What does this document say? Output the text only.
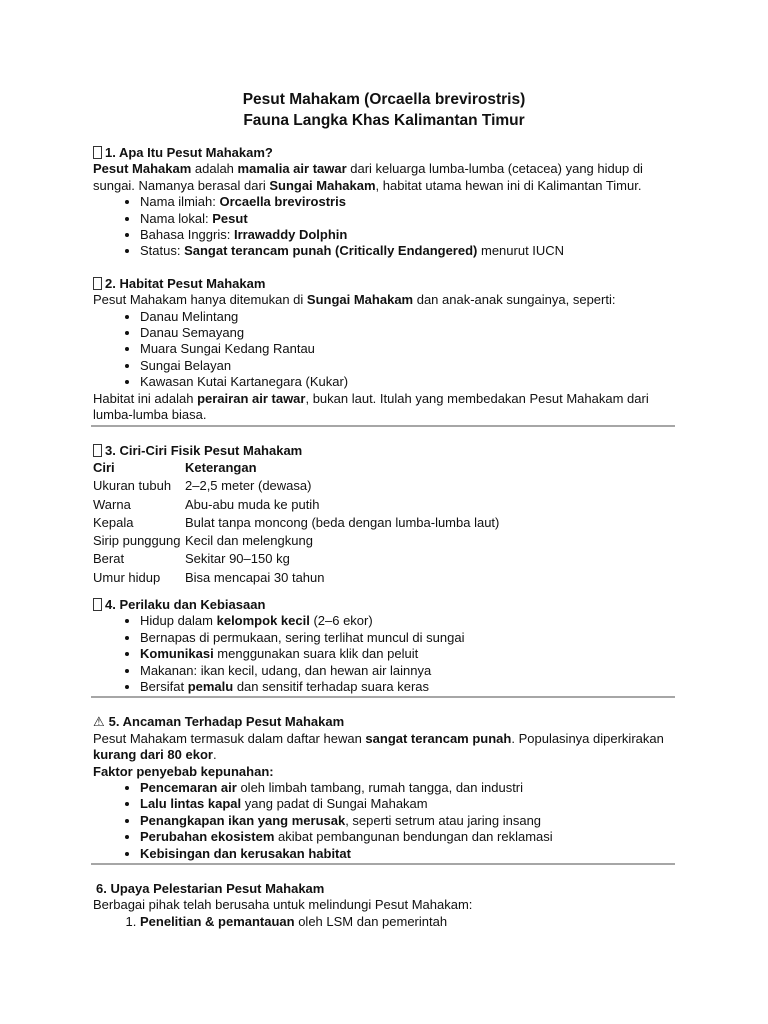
Pesut Mahakam (Orcaella brevirostris)

Fauna Langka Khas Kalimantan Timur

1. Apa Itu Pesut Mahakam?

Pesut Mahakam adalah mamalia air tawar dari keluarga lumba-lumba (cetacea) yang hidup di sungai. Namanya berasal dari Sungai Mahakam, habitat utama hewan ini di Kalimantan Timur.

• Nama ilmiah: Orcaella brevirostris
• Nama lokal: Pesut
• Bahasa Inggris: Irrawaddy Dolphin
• Status: Sangat terancam punah (Critically Endangered) menurut IUCN
2. Habitat Pesut Mahakam

Pesut Mahakam hanya ditemukan di Sungai Mahakam dan anak-anak sungainya, seperti:

• Danau Melintang
• Danau Semayang
• Muara Sungai Kedang Rantau
• Sungai Belayan
• Kawasan Kutai Kartanegara (Kukar)

Habitat ini adalah perairan air tawar, bukan laut. Itulah yang membedakan Pesut Mahakam dari lumba-lumba biasa.

3. Ciri-Ciri Fisik Pesut Mahakam
Ciri	Keterangan
Ukuran tubuh	2–2,5 meter (dewasa)
Warna	Abu-abu muda ke putih
Kepala	Bulat tanpa moncong (beda dengan lumba-lumba laut)
Sirip punggung	Kecil dan melengkung
Berat	Sekitar 90–150 kg
Umur hidup	Bisa mencapai 30 tahun
4. Perilaku dan Kebiasaan
• Hidup dalam kelompok kecil (2–6 ekor)
• Bernapas di permukaan, sering terlihat muncul di sungai
• Komunikasi menggunakan suara klik dan peluit
• Makanan: ikan kecil, udang, dan hewan air lainnya
• Bersifat pemalu dan sensitif terhadap suara keras
⚠ 5. Ancaman Terhadap Pesut Mahakam

Pesut Mahakam termasuk dalam daftar hewan sangat terancam punah. Populasinya diperkirakan kurang dari 80 ekor.

Faktor penyebab kepunahan:

• Pencemaran air oleh limbah tambang, rumah tangga, dan industri
• Lalu lintas kapal yang padat di Sungai Mahakam
• Penangkapan ikan yang merusak, seperti setrum atau jaring insang
• Perubahan ekosistem akibat pembangunan bendungan dan reklamasi
• Kebisingan dan kerusakan habitat
6. Upaya Pelestarian Pesut Mahakam

Berbagai pihak telah berusaha untuk melindungi Pesut Mahakam:

1. Penelitian & pemantauan oleh LSM dan pemerintah
